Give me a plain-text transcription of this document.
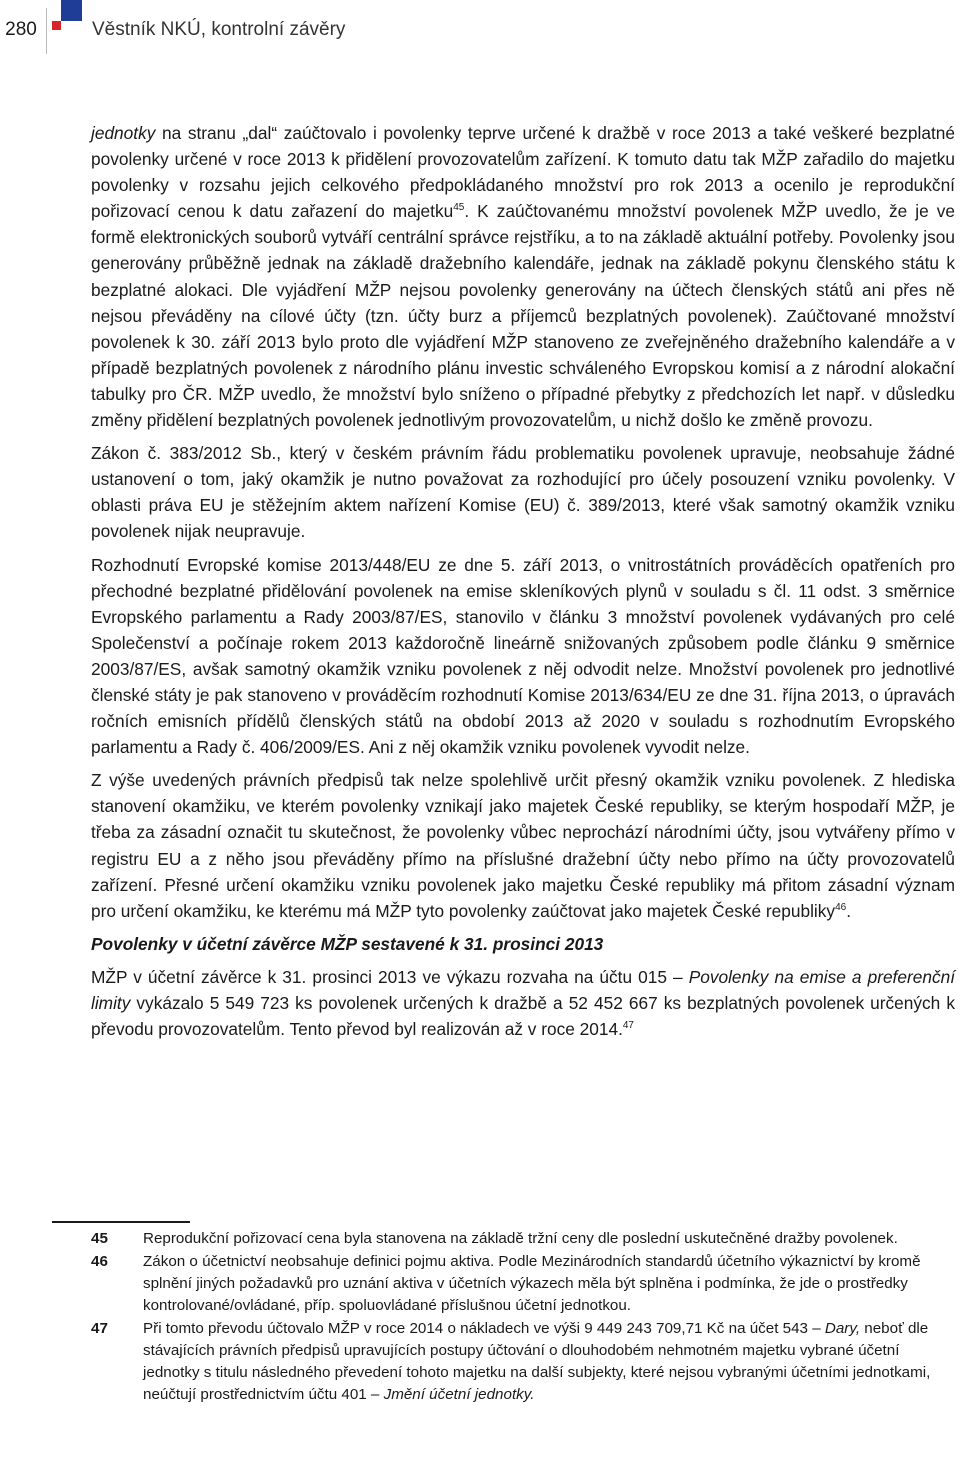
280	Věstník NKÚ, kontrolní závěry

jednotky na stranu „dal“ zaúčtovalo i povolenky teprve určené k dražbě v roce 2013 a také veškeré bezplatné povolenky určené v roce 2013 k přidělení provozovatelům zařízení. K tomuto datu tak MŽP zařadilo do majetku povolenky v rozsahu jejich celkového předpokládaného množství pro rok 2013 a ocenilo je reprodukční pořizovací cenou k datu zařazení do majetku$^{45}$. K zaúčtovanému množství povolenek MŽP uvedlo, že je ve formě elektronických souborů vytváří centrální správce rejstříku, a to na základě aktuální potřeby. Povolenky jsou generovány průběžně jednak na základě dražebního kalendáře, jednak na základě pokynu členského státu k bezplatné alokaci. Dle vyjádření MŽP nejsou povolenky generovány na účtech členských států ani přes ně nejsou převáděny na cílové účty (tzn. účty burz a příjemců bezplatných povolenek). Zaúčtované množství povolenek k 30. září 2013 bylo proto dle vyjádření MŽP stanoveno ze zveřejněného dražebního kalendáře a v případě bezplatných povolenek z národního plánu investic schváleného Evropskou komisí a z národní alokační tabulky pro ČR. MŽP uvedlo, že množství bylo sníženo o případné přebytky z předchozích let např. v důsledku změny přidělení bezplatných povolenek jednotlivým provozovatelům, u nichž došlo ke změně provozu.

Zákon č. 383/2012 Sb., který v českém právním řádu problematiku povolenek upravuje, neobsahuje žádné ustanovení o tom, jaký okamžik je nutno považovat za rozhodující pro účely posouzení vzniku povolenky. V oblasti práva EU je stěžejním aktem nařízení Komise (EU) č. 389/2013, které však samotný okamžik vzniku povolenek nijak neupravuje.

Rozhodnutí Evropské komise 2013/448/EU ze dne 5. září 2013, o vnitrostátních prováděcích opatřeních pro přechodné bezplatné přidělování povolenek na emise skleníkových plynů v souladu s čl. 11 odst. 3 směrnice Evropského parlamentu a Rady 2003/87/ES, stanovilo v článku 3 množství povolenek vydávaných pro celé Společenství a počínaje rokem 2013 každoročně lineárně snižovaných způsobem podle článku 9 směrnice 2003/87/ES, avšak samotný okamžik vzniku povolenek z něj odvodit nelze. Množství povolenek pro jednotlivé členské státy je pak stanoveno v prováděcím rozhodnutí Komise 2013/634/EU ze dne 31. října 2013, o úpravách ročních emisních přídělů členských států na období 2013 až 2020 v souladu s rozhodnutím Evropského parlamentu a Rady č. 406/2009/ES. Ani z něj okamžik vzniku povolenek vyvodit nelze.

Z výše uvedených právních předpisů tak nelze spolehlivě určit přesný okamžik vzniku povolenek. Z hlediska stanovení okamžiku, ve kterém povolenky vznikají jako majetek České republiky, se kterým hospodaří MŽP, je třeba za zásadní označit tu skutečnost, že povolenky vůbec neprochází národními účty, jsou vytvářeny přímo v registru EU a z něho jsou převáděny přímo na příslušné dražební účty nebo přímo na účty provozovatelů zařízení. Přesné určení okamžiku vzniku povolenek jako majetku České republiky má přitom zásadní význam pro určení okamžiku, ke kterému má MŽP tyto povolenky zaúčtovat jako majetek České republiky$^{46}$.

Povolenky v účetní závěrce MŽP sestavené k 31. prosinci 2013

MŽP v účetní závěrce k 31. prosinci 2013 ve výkazu rozvaha na účtu 015 – Povolenky na emise a preferenční limity vykázalo 5 549 723 ks povolenek určených k dražbě a 52 452 667 ks bezplatných povolenek určených k převodu provozovatelům. Tento převod byl realizován až v roce 2014.47

45 Reprodukční pořizovací cena byla stanovena na základě tržní ceny dle poslední uskutečněné dražby povolenek.
46 Zákon o účetnictví neobsahuje definici pojmu aktiva. Podle Mezinárodních standardů účetního výkaznictví by kromě splnění jiných požadavků pro uznání aktiva v účetních výkazech měla být splněna i podmínka, že jde o prostředky kontrolované/ovládané, příp. spoluovládané příslušnou účetní jednotkou.
47 Při tomto převodu účtovalo MŽP v roce 2014 o nákladech ve výši 9 449 243 709,71 Kč na účet 543 – Dary, neboť dle stávajících právních předpisů upravujících postupy účtování o dlouhodobém nehmotném majetku vybrané účetní jednotky s titulu následného převedení tohoto majetku na další subjekty, které nejsou vybranými účetními jednotkami, neúčtují prostřednictvím účtu 401 – Jmění účetní jednotky.
